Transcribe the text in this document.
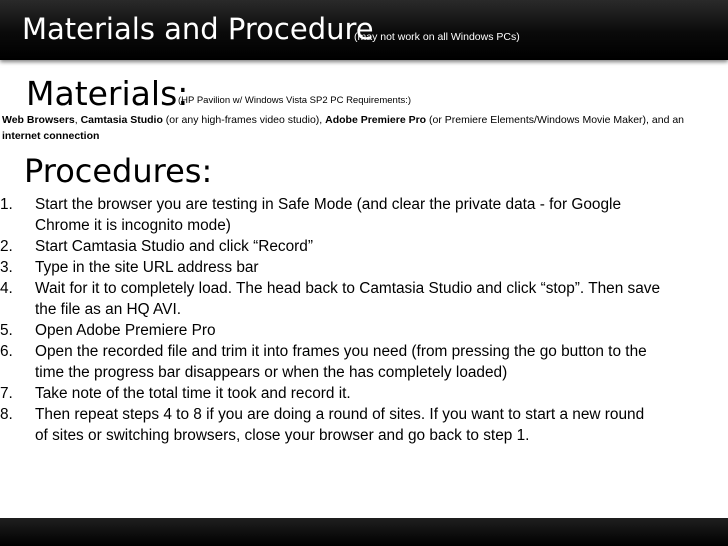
Materials and Procedure
(may not work on all Windows PCs)
Materials:
(HP Pavilion w/ Windows Vista SP2 PC Requirements:)
Web Browsers, Camtasia Studio (or any high-frames video studio), Adobe Premiere Pro (or Premiere Elements/Windows Movie Maker), and an
internet connection
Procedures:
1. Start the browser you are testing in Safe Mode (and clear the private data - for Google
Chrome it is incognito mode)
2. Start Camtasia Studio and click “Record”
3. Type in the site URL address bar
4. Wait for it to completely load. The head back to Camtasia Studio and click “stop”. Then save
the file as an HQ AVI.
5. Open Adobe Premiere Pro
6. Open the recorded file and trim it into frames you need (from pressing the go button to the
time the progress bar disappears or when the has completely loaded)
7. Take note of the total time it took and record it.
8. Then repeat steps 4 to 8 if you are doing a round of sites. If you want to start a new round
of sites or switching browsers, close your browser and go back to step 1.
